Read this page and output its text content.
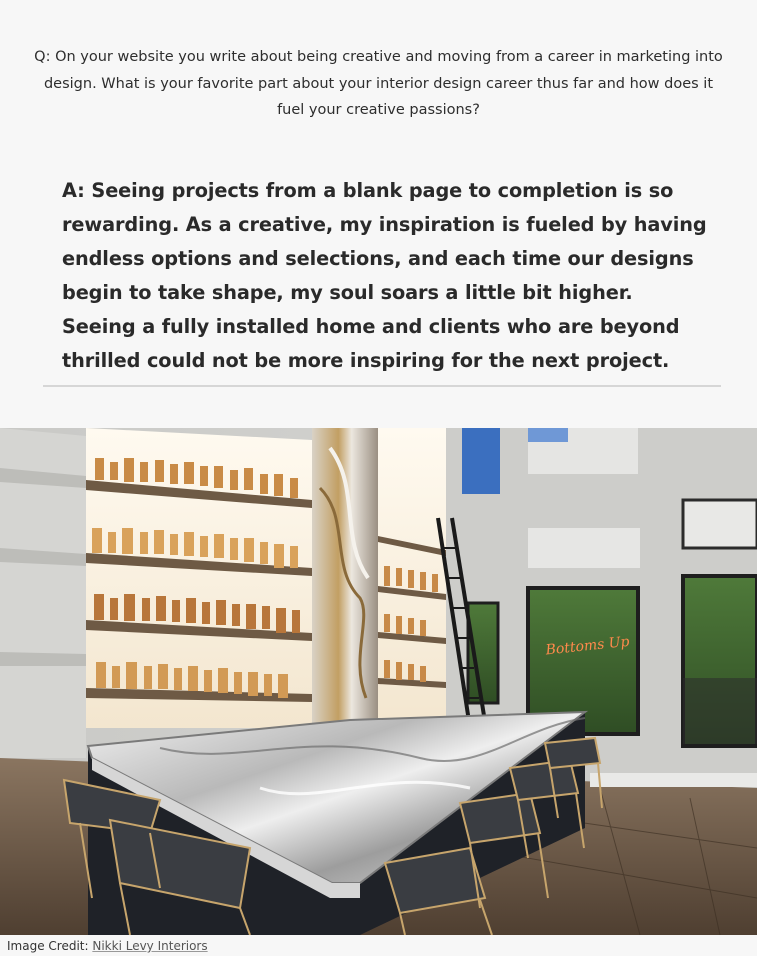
Q: On your website you write about being creative and moving from a career in marketing into design. What is your favorite part about your interior design career thus far and how does it fuel your creative passions?

A: Seeing projects from a blank page to completion is so rewarding. As a creative, my inspiration is fueled by having endless options and selections, and each time our designs begin to take shape, my soul soars a little bit higher. Seeing a fully installed home and clients who are beyond thrilled could not be more inspiring for the next project.

Bottoms Up
Image Credit: Nikki Levy Interiors
